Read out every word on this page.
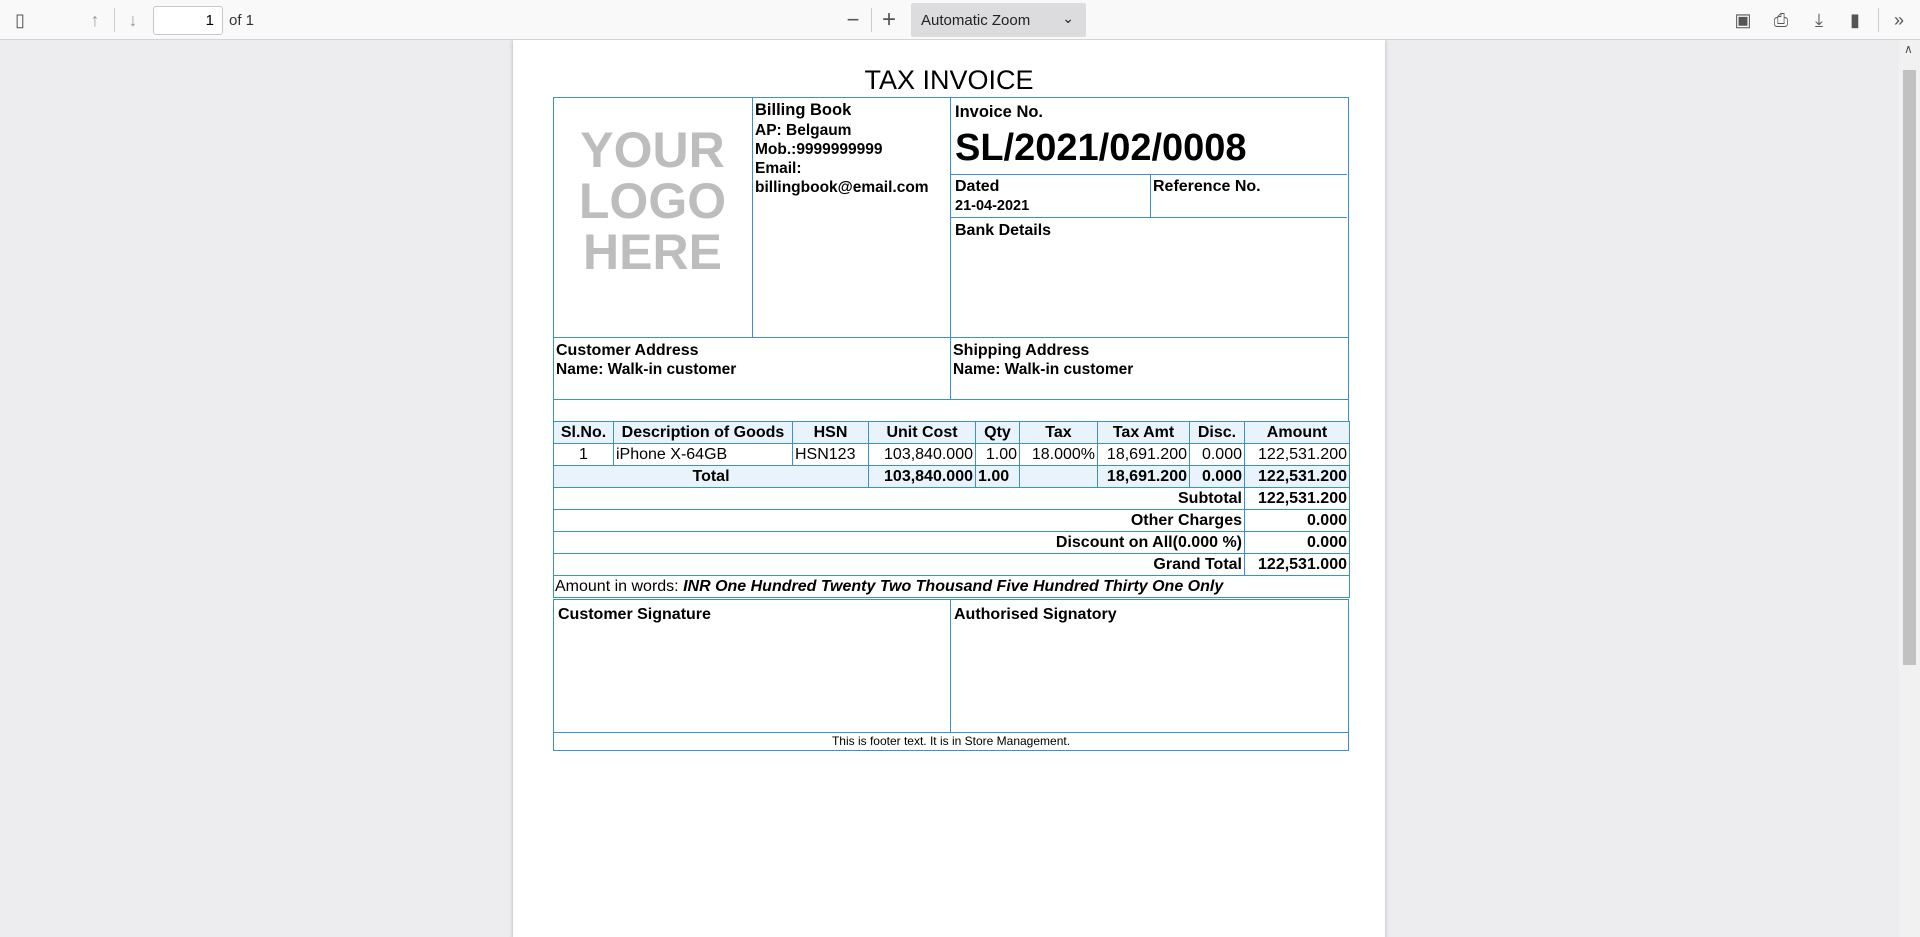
▯	↑	↓
1	of 1	− +	Automatic Zoom ⌄	▣	⎙	⤓	▮	»
TAX INVOICE
YOUR
LOGO
HERE
Billing Book
AP: Belgaum
Mob.:9999999999
Email:
billingbook@email.com
Invoice No.
SL/2021/02/0008
Dated
21-04-2021
Reference No.
Bank Details
Customer Address
Name: Walk-in customer
Shipping Address
Name: Walk-in customer
Sl.No.	Description of Goods	HSN	Unit Cost	Qty	Tax	Tax Amt	Disc.	Amount
1	iPhone X-64GB	HSN123	103,840.000	1.00	18.000%	18,691.200	0.000	122,531.200
Total			103,840.000	1.00		18,691.200	0.000	122,531.200
Subtotal								122,531.200
Other Charges								0.000
Discount on All(0.000 %)								0.000
Grand Total								122,531.000
Amount in words: INR One Hundred Twenty Two Thousand Five Hundred Thirty One Only								
Customer Signature	Authorised Signatory
This is footer text. It is in Store Management.
∧
